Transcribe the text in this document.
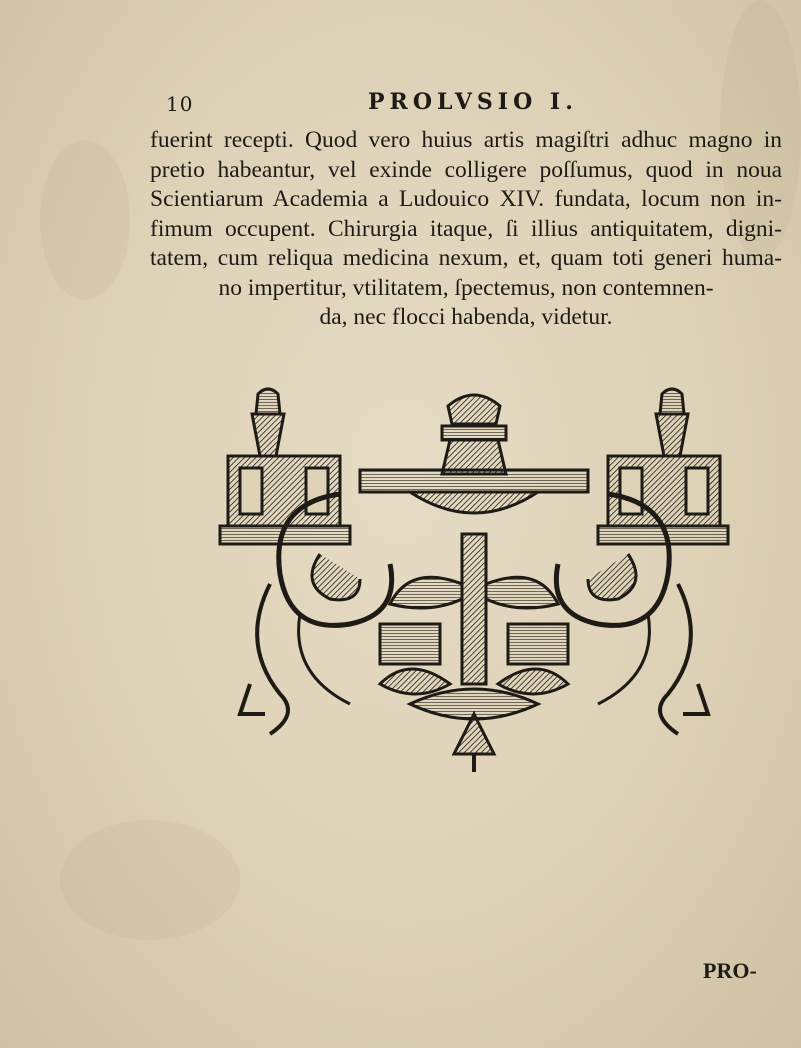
10	PROLVSIO I.
fuerint recepti. Quod vero huius artis magiſtri adhuc magno in
pretio habeantur, vel exinde colligere poſſumus, quod in noua
Scientiarum Academia a Ludouico XIV. fundata, locum non in-
fimum occupent. Chirurgia itaque, ſi illius antiquitatem, digni-
tatem, cum reliqua medicina nexum, et, quam toti generi huma-
no impertitur, vtilitatem, ſpectemus, non contemnen-
da, nec flocci habenda, videtur.
PRO-
